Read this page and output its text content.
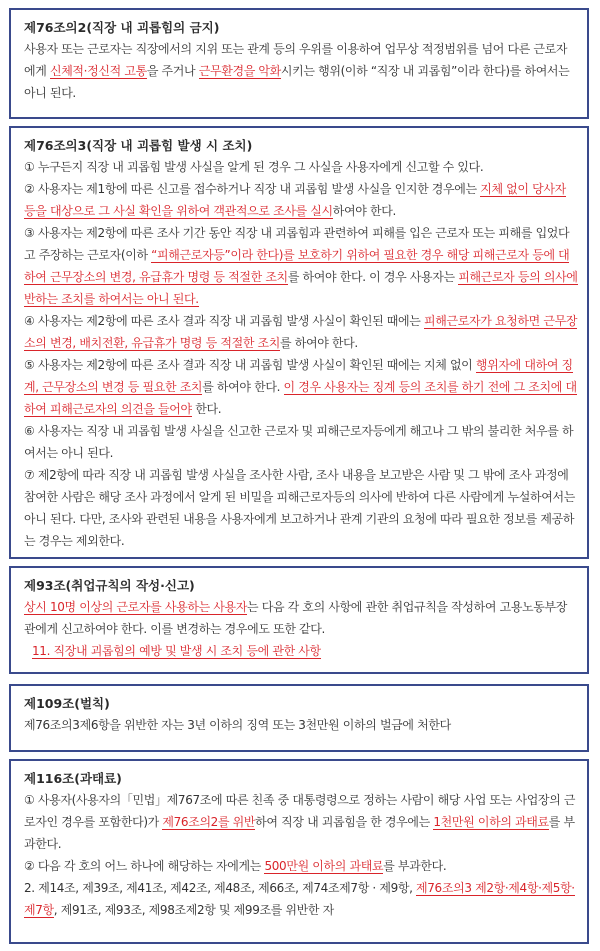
제76조의2(직장 내 괴롭힘의 금지)

사용자 또는 근로자는 직장에서의 지위 또는 관계 등의 우위를 이용하여 업무상 적정범위를 넘어 다른 근로자에게 신체적·정신적 고통을 주거나 근무환경을 악화시키는 행위(이하 “직장 내 괴롭힘”이라 한다)를 하여서는 아니 된다.

제76조의3(직장 내 괴롭힘 발생 시 조치)

① 누구든지 직장 내 괴롭힘 발생 사실을 알게 된 경우 그 사실을 사용자에게 신고할 수 있다.

② 사용자는 제1항에 따른 신고를 접수하거나 직장 내 괴롭힘 발생 사실을 인지한 경우에는 지체 없이 당사자 등을 대상으로 그 사실 확인을 위하여 객관적으로 조사를 실시하여야 한다.

③ 사용자는 제2항에 따른 조사 기간 동안 직장 내 괴롭힘과 관련하여 피해를 입은 근로자 또는 피해를 입었다고 주장하는 근로자(이하 “피해근로자등”이라 한다)를 보호하기 위하여 필요한 경우 해당 피해근로자 등에 대하여 근무장소의 변경, 유급휴가 명령 등 적절한 조치를 하여야 한다. 이 경우 사용자는 피해근로자 등의 의사에 반하는 조치를 하여서는 아니 된다.

④ 사용자는 제2항에 따른 조사 결과 직장 내 괴롭힘 발생 사실이 확인된 때에는 피해근로자가 요청하면 근무장소의 변경, 배치전환, 유급휴가 명령 등 적절한 조치를 하여야 한다.

⑤ 사용자는 제2항에 따른 조사 결과 직장 내 괴롭힘 발생 사실이 확인된 때에는 지체 없이 행위자에 대하여 징계, 근무장소의 변경 등 필요한 조치를 하여야 한다. 이 경우 사용자는 징계 등의 조치를 하기 전에 그 조치에 대하여 피해근로자의 의견을 들어야 한다.

⑥ 사용자는 직장 내 괴롭힘 발생 사실을 신고한 근로자 및 피해근로자등에게 해고나 그 밖의 불리한 처우를 하여서는 아니 된다.

⑦ 제2항에 따라 직장 내 괴롭힘 발생 사실을 조사한 사람, 조사 내용을 보고받은 사람 및 그 밖에 조사 과정에 참여한 사람은 해당 조사 과정에서 알게 된 비밀을 피해근로자등의 의사에 반하여 다른 사람에게 누설하여서는 아니 된다. 다만, 조사와 관련된 내용을 사용자에게 보고하거나 관계 기관의 요청에 따라 필요한 정보를 제공하는 경우는 제외한다.

제93조(취업규칙의 작성·신고)

상시 10명 이상의 근로자를 사용하는 사용자는 다음 각 호의 사항에 관한 취업규칙을 작성하여 고용노동부장관에게 신고하여야 한다. 이를 변경하는 경우에도 또한 같다.

11. 직장내 괴롭힘의 예방 및 발생 시 조치 등에 관한 사항

제109조(벌칙)

제76조의3제6항을 위반한 자는 3년 이하의 징역 또는 3천만원 이하의 벌금에 처한다

제116조(과태료)

① 사용자(사용자의「민법」제767조에 따른 친족 중 대통령령으로 정하는 사람이 해당 사업 또는 사업장의 근로자인 경우를 포함한다)가 제76조의2를 위반하여 직장 내 괴롭힘을 한 경우에는 1천만원 이하의 과태료를 부과한다.

② 다음 각 호의 어느 하나에 해당하는 자에게는 500만원 이하의 과태료를 부과한다.

2. 제14조, 제39조, 제41조, 제42조, 제48조, 제66조, 제74조제7항 · 제9항, 제76조의3 제2항·제4항·제5항·제7항, 제91조, 제93조, 제98조제2항 및 제99조를 위반한 자
